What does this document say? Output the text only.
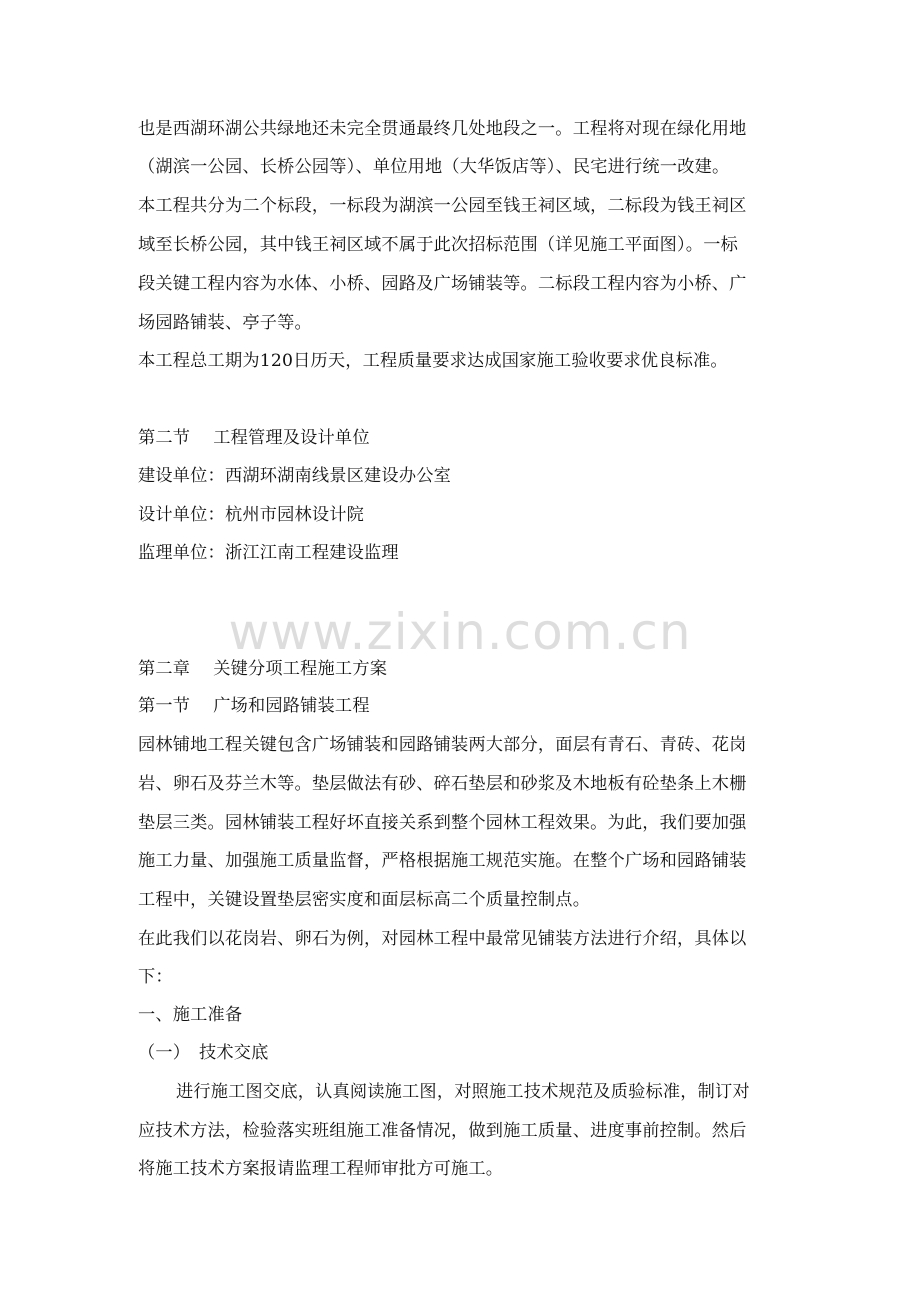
www.zixin.com.cn
也是西湖环湖公共绿地还未完全贯通最终几处地段之一。工程将对现在绿化用地
（湖滨一公园、长桥公园等）、单位用地（大华饭店等）、民宅进行统一改建。
本工程共分为二个标段，一标段为湖滨一公园至钱王祠区域，二标段为钱王祠区
域至长桥公园，其中钱王祠区域不属于此次招标范围（详见施工平面图）。一标
段关键工程内容为水体、小桥、园路及广场铺装等。二标段工程内容为小桥、广
场园路铺装、亭子等。
本工程总工期为120日历天，工程质量要求达成国家施工验收要求优良标准。
第二节　 工程管理及设计单位
建设单位：西湖环湖南线景区建设办公室
设计单位：杭州市园林设计院
监理单位：浙江江南工程建设监理
第二章　 关键分项工程施工方案
第一节　 广场和园路铺装工程
园林铺地工程关键包含广场铺装和园路铺装两大部分，面层有青石、青砖、花岗
岩、卵石及芬兰木等。垫层做法有砂、碎石垫层和砂浆及木地板有砼垫条上木栅
垫层三类。园林铺装工程好坏直接关系到整个园林工程效果。为此，我们要加强
施工力量、加强施工质量监督，严格根据施工规范实施。在整个广场和园路铺装
工程中，关键设置垫层密实度和面层标高二个质量控制点。
在此我们以花岗岩、卵石为例，对园林工程中最常见铺装方法进行介绍，具体以
下：
一、施工准备
（一）　技术交底
进行施工图交底，认真阅读施工图，对照施工技术规范及质验标准，制订对
应技术方法，检验落实班组施工准备情况，做到施工质量、进度事前控制。然后
将施工技术方案报请监理工程师审批方可施工。
